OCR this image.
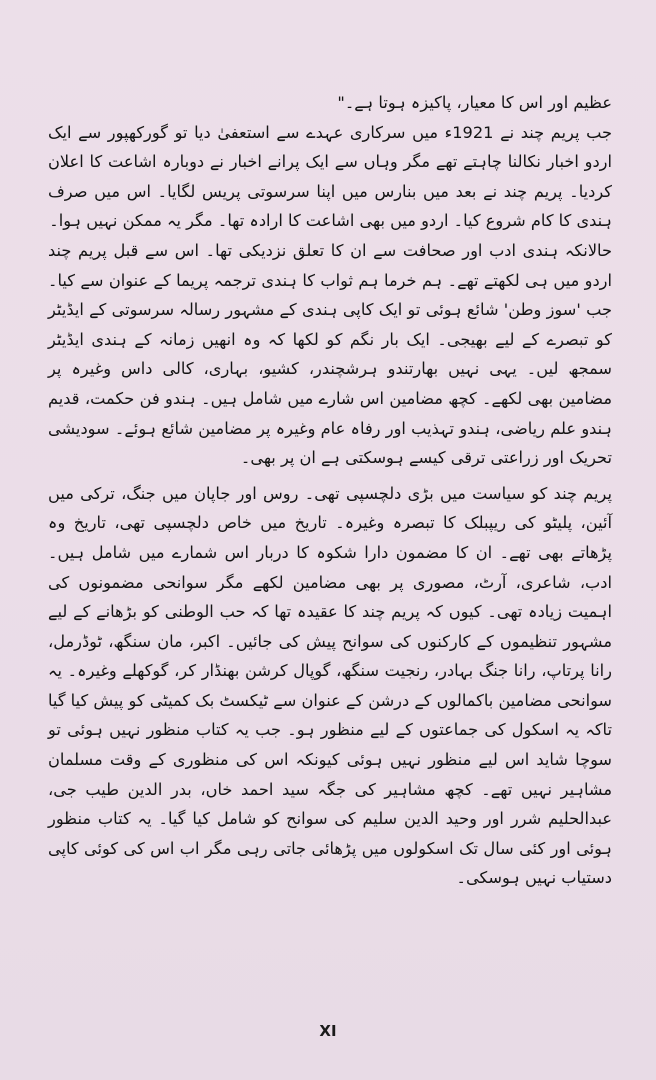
عظیم اور اس کا معیار، پاکیزہ ہوتا ہے۔"

جب پریم چند نے 1921ء میں سرکاری عہدے سے استعفیٰ دیا تو گورکھپور سے ایک اردو اخبار نکالنا چاہتے تھے مگر وہاں سے ایک پرانے اخبار نے دوبارہ اشاعت کا اعلان کردیا۔ پریم چند نے بعد میں بنارس میں اپنا سرسوتی پریس لگایا۔ اس میں صرف ہندی کا کام شروع کیا۔ اردو میں بھی اشاعت کا ارادہ تھا۔ مگر یہ ممکن نہیں ہوا۔

حالانکہ ہندی ادب اور صحافت سے ان کا تعلق نزدیکی تھا۔ اس سے قبل پریم چند اردو میں ہی لکھتے تھے۔ ہم خرما ہم ثواب کا ہندی ترجمہ پریما کے عنوان سے کیا۔ جب 'سوز وطن' شائع ہوئی تو ایک کاپی ہندی کے مشہور رسالہ سرسوتی کے ایڈیٹر کو تبصرے کے لیے بھیجی۔ ایک بار نگم کو لکھا کہ وہ انھیں زمانہ کے ہندی ایڈیٹر سمجھ لیں۔ یہی نہیں بھارتندو ہرشچندر، کشیو، بہاری، کالی داس وغیرہ پر مضامین بھی لکھے۔ کچھ مضامین اس شارے میں شامل ہیں۔ ہندو فن حکمت، قدیم ہندو علم ریاضی، ہندو تہذیب اور رفاہ عام وغیرہ پر مضامین شائع ہوئے۔ سودیشی تحریک اور زراعتی ترقی کیسے ہوسکتی ہے ان پر بھی۔

پریم چند کو سیاست میں بڑی دلچسپی تھی۔ روس اور جاپان میں جنگ، ترکی میں آئین، پلیٹو کی ریپبلک کا تبصرہ وغیرہ۔ تاریخ میں خاص دلچسپی تھی، تاریخ وہ پڑھاتے بھی تھے۔ ان کا مضمون دارا شکوہ کا دربار اس شمارے میں شامل ہیں۔ ادب، شاعری، آرٹ، مصوری پر بھی مضامین لکھے مگر سوانحی مضمونوں کی اہمیت زیادہ تھی۔ کیوں کہ پریم چند کا عقیدہ تھا کہ حب الوطنی کو بڑھانے کے لیے مشہور تنظیموں کے کارکنوں کی سوانح پیش کی جائیں۔ اکبر، مان سنگھ، ٹوڈرمل، رانا پرتاپ، رانا جنگ بہادر، رنجیت سنگھ، گوپال کرشن بھنڈار کر، گوکھلے وغیرہ۔ یہ سوانحی مضامین باکمالوں کے درشن کے عنوان سے ٹیکسٹ بک کمیٹی کو پیش کیا گیا تاکہ یہ اسکول کی جماعتوں کے لیے منظور ہو۔ جب یہ کتاب منظور نہیں ہوئی تو سوچا شاید اس لیے منظور نہیں ہوئی کیونکہ اس کی منظوری کے وقت مسلمان مشاہیر نہیں تھے۔ کچھ مشاہیر کی جگہ سید احمد خاں، بدر الدین طیب جی، عبدالحلیم شرر اور وحید الدین سلیم کی سوانح کو شامل کیا گیا۔ یہ کتاب منظور ہوئی اور کئی سال تک اسکولوں میں پڑھائی جاتی رہی مگر اب اس کی کوئی کاپی دستیاب نہیں ہوسکی۔

XI
